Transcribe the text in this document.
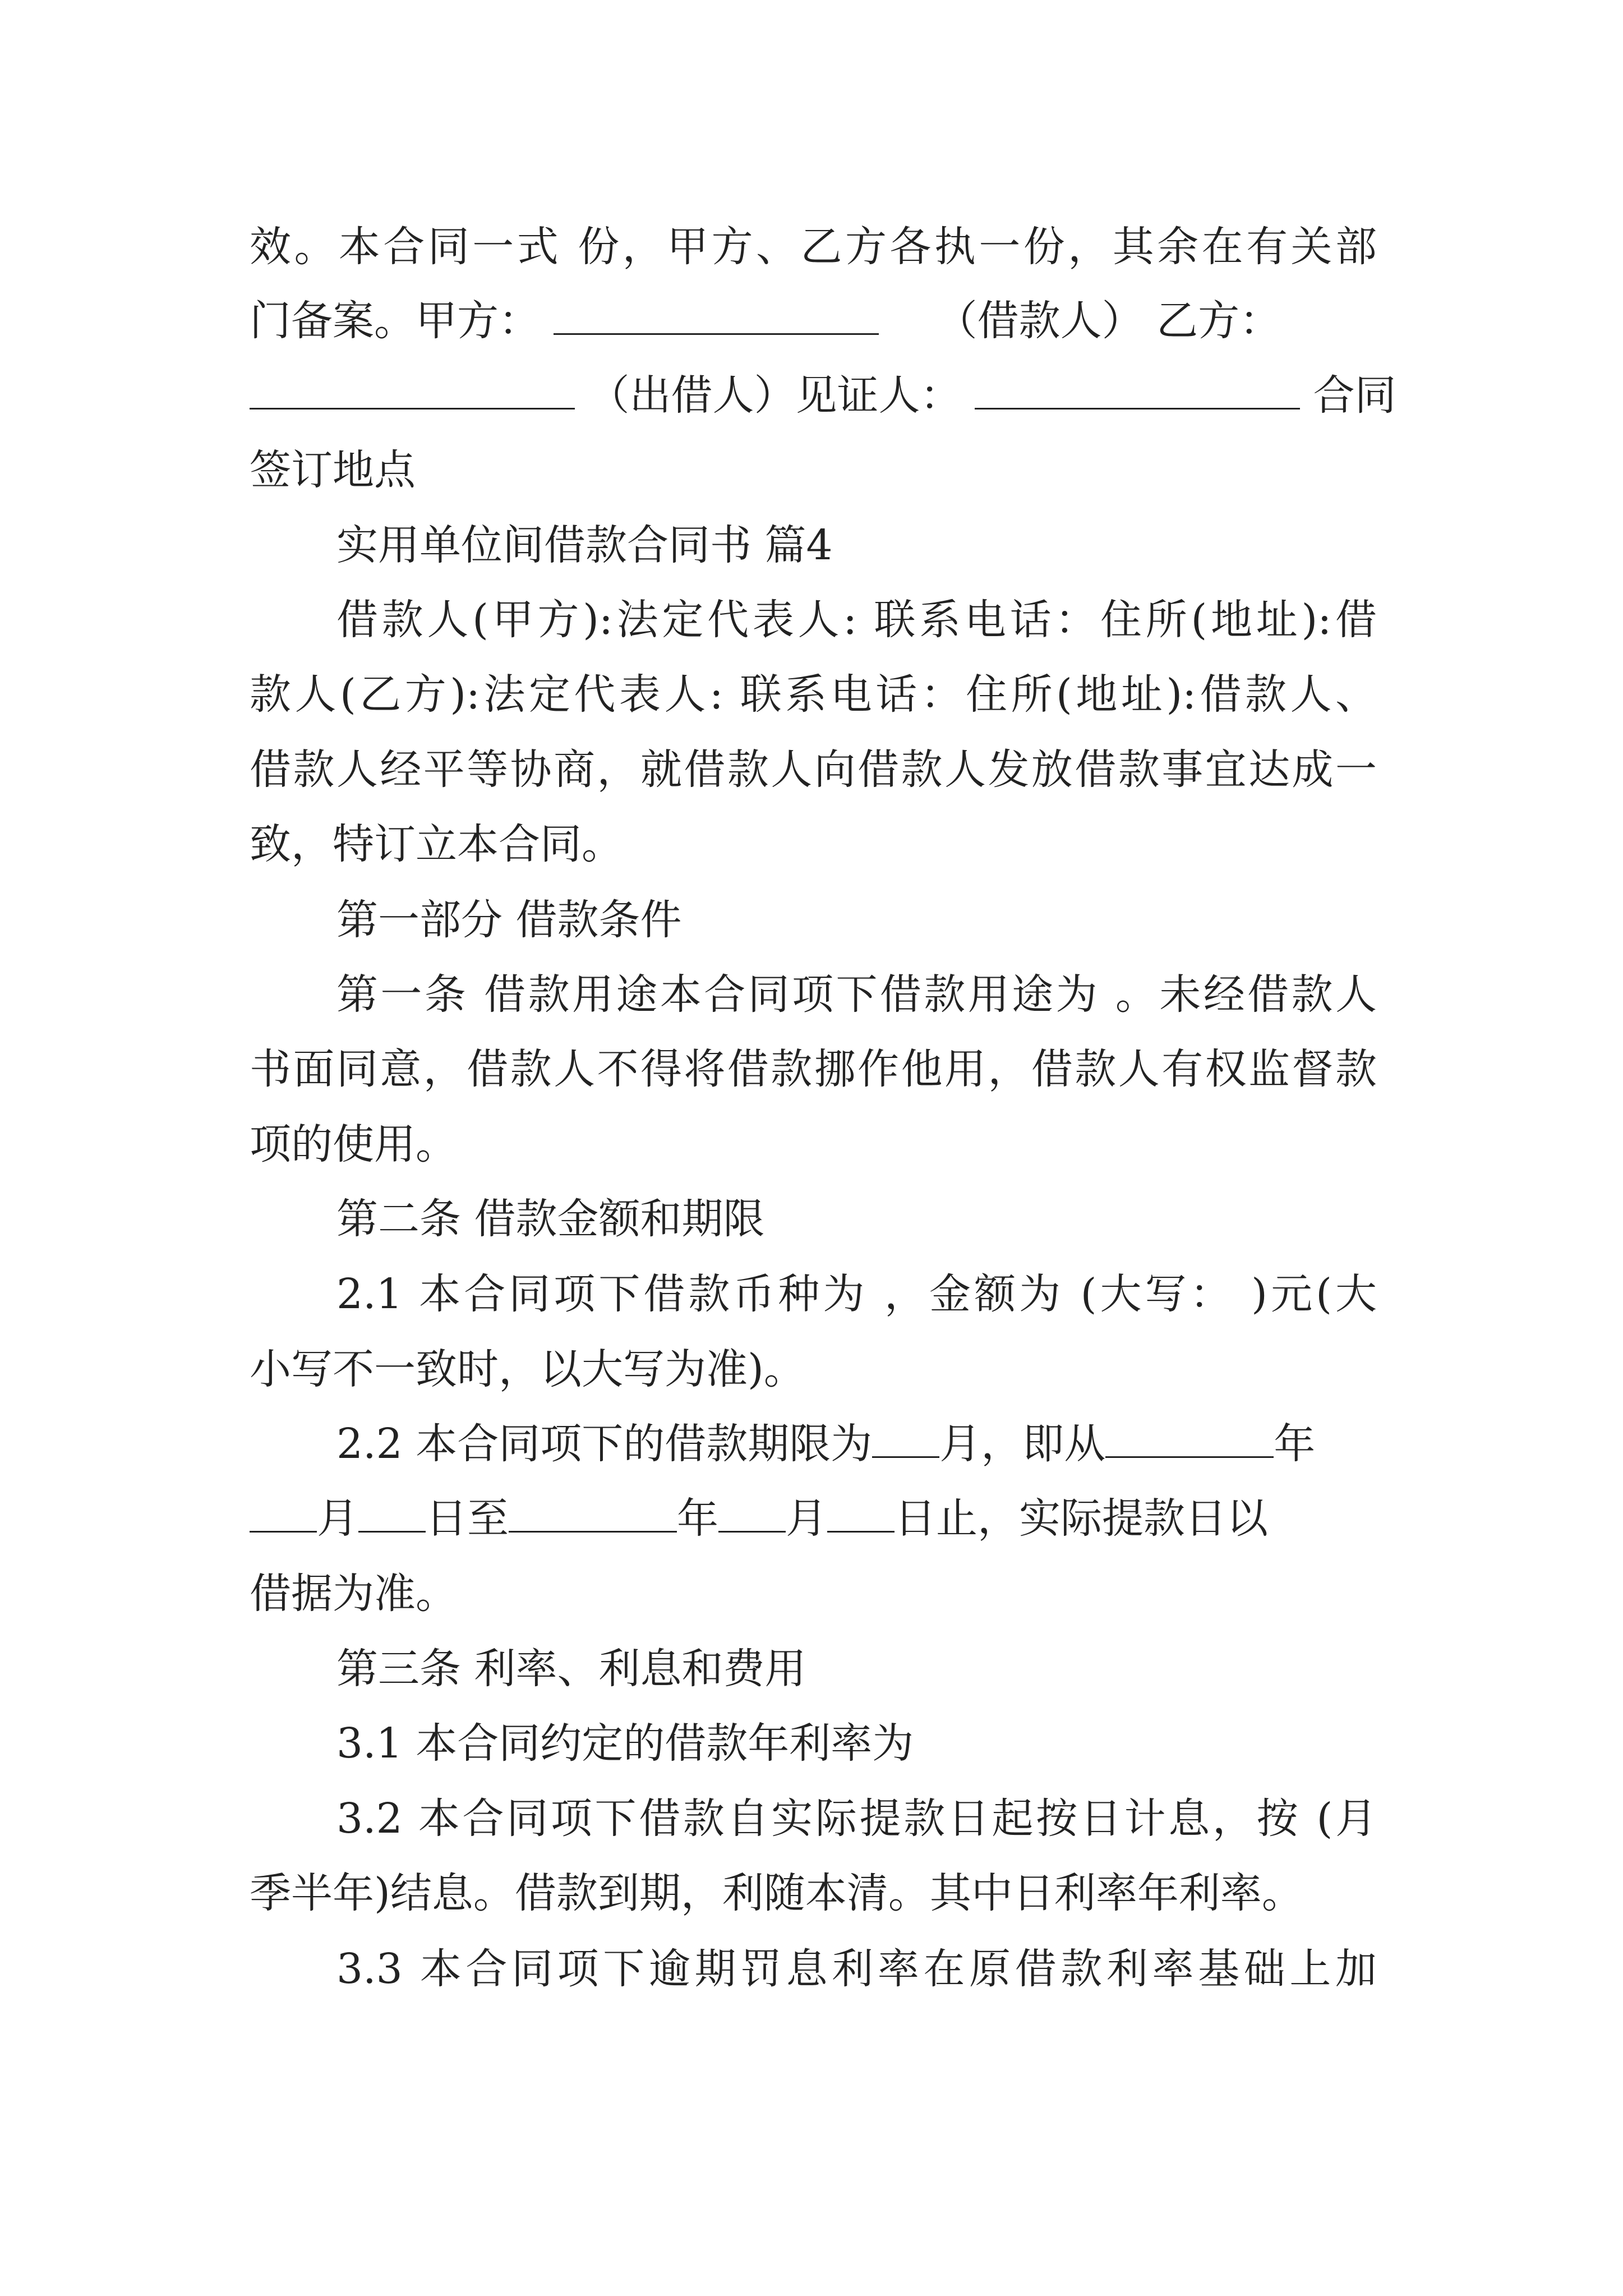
效。本合同一式 份，甲方、乙方各执一份，其余在有关部
门备案。甲方：	（借款人） 乙方：
（出借人）见证人：	合同
签订地点
实用单位间借款合同书 篇4
借款人(甲方):法定代表人: 联系电话：住所(地址):借
款人(乙方):法定代表人: 联系电话：住所(地址):借款人、
借款人经平等协商，就借款人向借款人发放借款事宜达成一
致，特订立本合同。
第一部分 借款条件
第一条 借款用途本合同项下借款用途为 。未经借款人
书面同意，借款人不得将借款挪作他用，借款人有权监督款
项的使用。
第二条 借款金额和期限
2.1 本合同项下借款币种为 ，金额为 (大写： )元(大
小写不一致时，以大写为准)。
2.2 本合同项下的借款期限为 月，即从	年
月 日至	年 月 日止，实际提款日以
借据为准。
第三条 利率、利息和费用
3.1 本合同约定的借款年利率为
3.2 本合同项下借款自实际提款日起按日计息，按 (月
季半年)结息。借款到期，利随本清。其中日利率年利率。
3.3 本合同项下逾期罚息利率在原借款利率基础上加
